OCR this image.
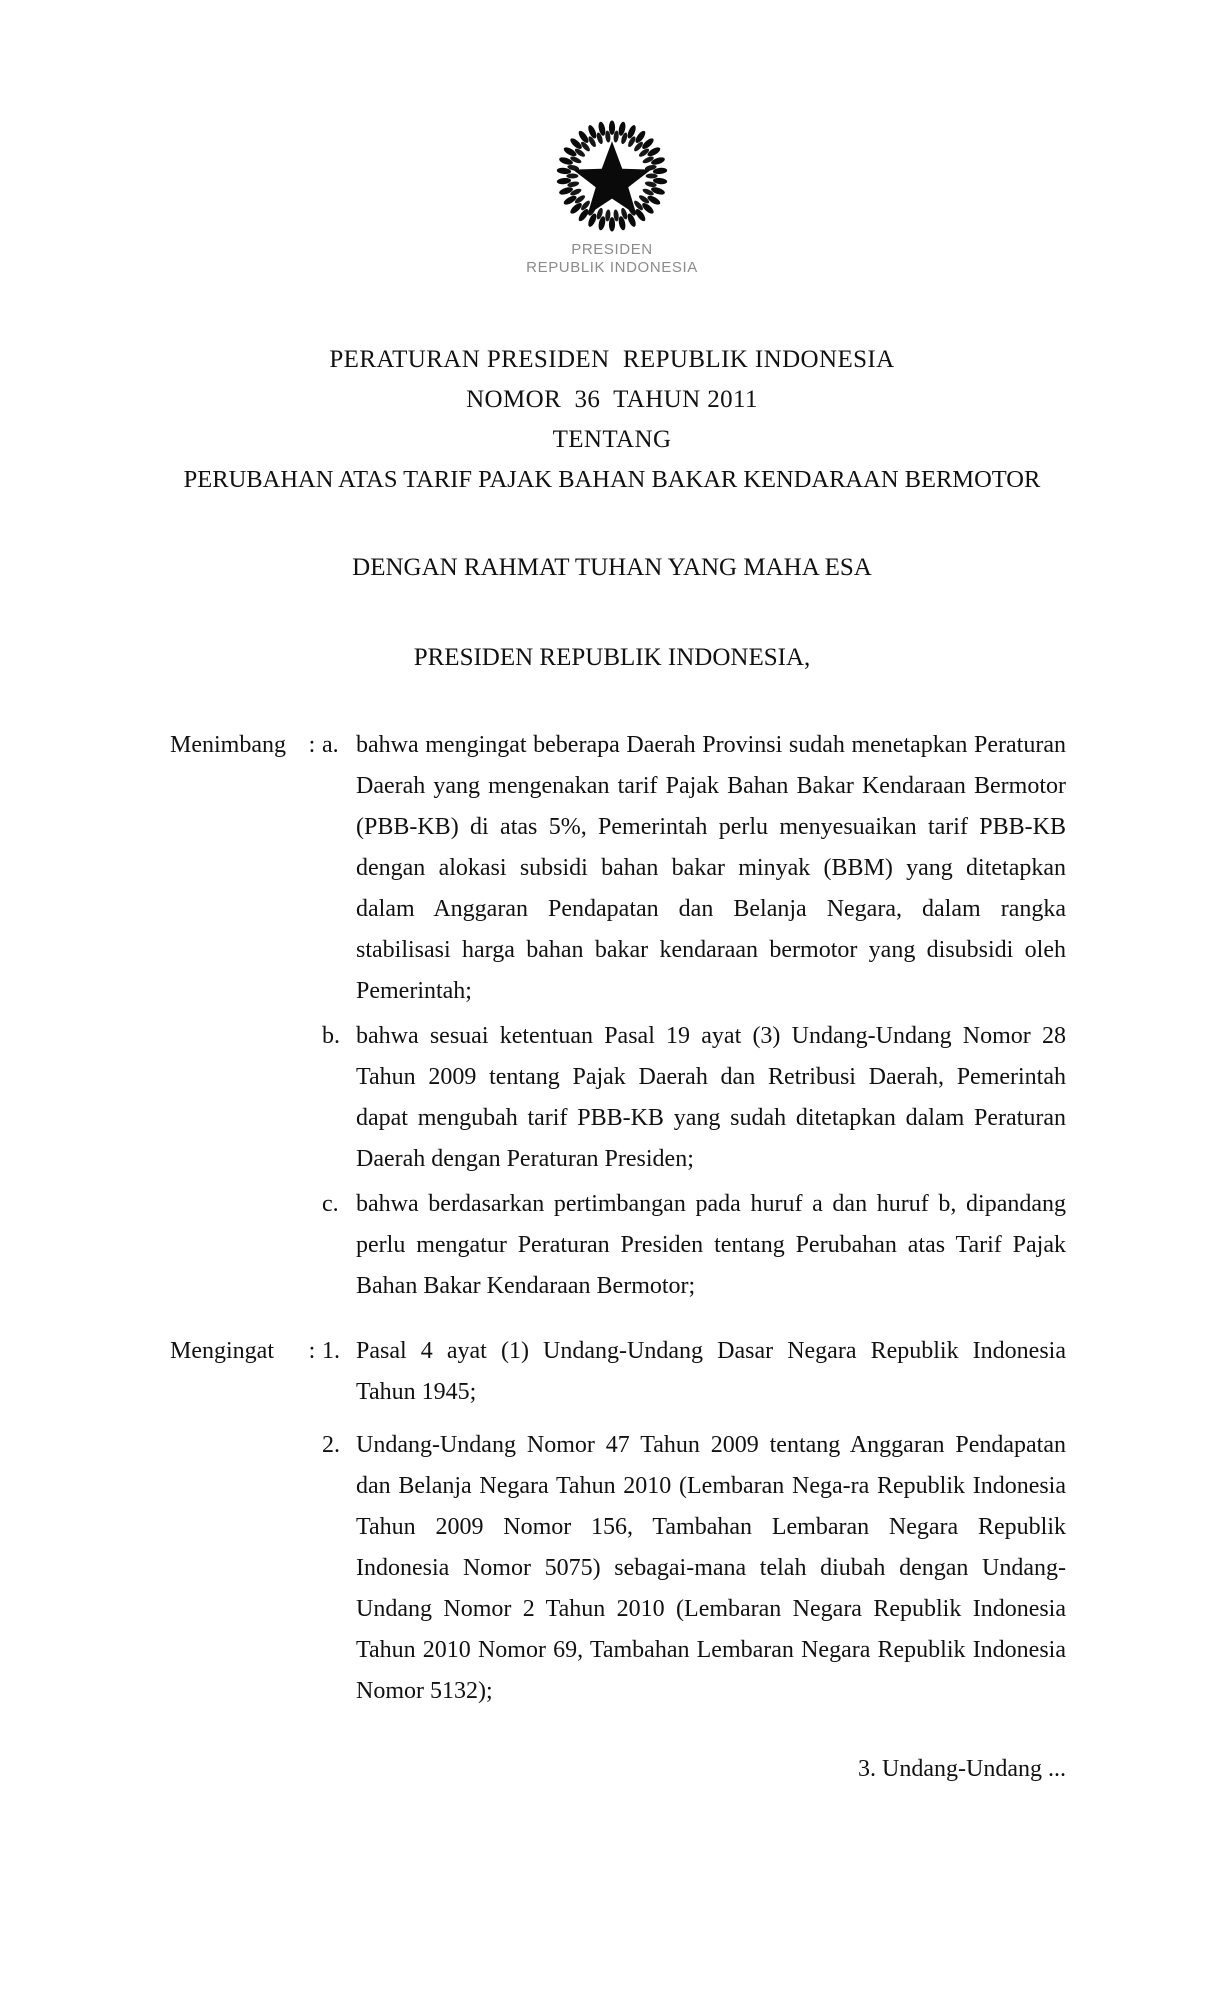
PRESIDEN
REPUBLIK INDONESIA
PERATURAN PRESIDEN  REPUBLIK INDONESIA
NOMOR  36  TAHUN 2011
TENTANG
PERUBAHAN ATAS TARIF PAJAK BAHAN BAKAR KENDARAAN BERMOTOR
DENGAN RAHMAT TUHAN YANG MAHA ESA
PRESIDEN REPUBLIK INDONESIA,
Menimbang : a. bahwa mengingat beberapa Daerah Provinsi sudah menetapkan Peraturan Daerah yang mengenakan tarif Pajak Bahan Bakar Kendaraan Bermotor (PBB-KB) di atas 5%, Pemerintah perlu menyesuaikan tarif PBB-KB dengan alokasi subsidi bahan bakar minyak (BBM) yang ditetapkan dalam Anggaran Pendapatan dan Belanja Negara, dalam rangka stabilisasi harga bahan bakar kendaraan bermotor yang disubsidi oleh Pemerintah;
b. bahwa sesuai ketentuan Pasal 19 ayat (3) Undang-Undang Nomor 28 Tahun 2009 tentang Pajak Daerah dan Retribusi Daerah, Pemerintah dapat mengubah tarif PBB-KB yang sudah ditetapkan dalam Peraturan Daerah dengan Peraturan Presiden;
c. bahwa berdasarkan pertimbangan pada huruf a dan huruf b, dipandang perlu mengatur Peraturan Presiden tentang Perubahan atas Tarif Pajak Bahan Bakar Kendaraan Bermotor;
Mengingat	: 1. Pasal 4 ayat (1) Undang-Undang Dasar Negara Republik Indonesia Tahun 1945;
2. Undang-Undang Nomor 47 Tahun 2009 tentang Anggaran Pendapatan dan Belanja Negara Tahun 2010 (Lembaran Nega-ra Republik Indonesia Tahun 2009 Nomor 156, Tambahan Lembaran Negara Republik Indonesia Nomor 5075) sebagai-mana telah diubah dengan Undang-Undang Nomor 2 Tahun 2010 (Lembaran Negara Republik Indonesia Tahun 2010 Nomor 69, Tambahan Lembaran Negara Republik Indonesia Nomor 5132);
3. Undang-Undang ...
